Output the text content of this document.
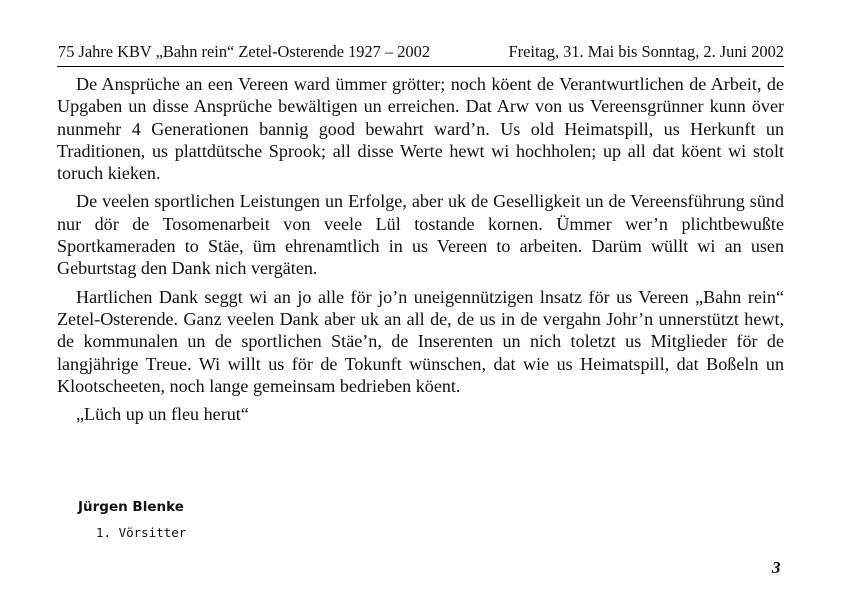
75 Jahre KBV „Bahn rein“ Zetel-Osterende 1927 – 2002	Freitag, 31. Mai bis Sonntag, 2. Juni 2002

De Ansprüche an een Vereen ward ümmer grötter; noch köent de Verantwurtlichen de Arbeit, de Upgaben un disse Ansprüche bewältigen un erreichen. Dat Arw von us Vereensgrünner kunn över nunmehr 4 Generationen bannig good bewahrt ward’n. Us old Heimatspill, us Herkunft un Traditionen, us plattdütsche Sprook; all disse Werte hewt wi hochholen; up all dat köent wi stolt toruch kieken.

De veelen sportlichen Leistungen un Erfolge, aber uk de Geselligkeit un de Vereensführung sünd nur dör de Tosomenarbeit von veele Lül tostande kornen. Ümmer wer’n plichtbewußte Sportkameraden to Stäe, üm ehrenamtlich in us Vereen to arbeiten. Darüm wüllt wi an usen Geburtstag den Dank nich vergäten.

Hartlichen Dank seggt wi an jo alle för jo’n uneigennützigen lnsatz för us Vereen „Bahn rein“ Zetel-Osterende. Ganz veelen Dank aber uk an all de, de us in de vergahn Johr’n unnerstützt hewt, de kommunalen un de sportlichen Stäe’n, de Inserenten un nich toletzt us Mitglieder för de langjährige Treue. Wi willt us för de Tokunft wünschen, dat wie us Heimatspill, dat Boßeln un Klootscheeten, noch lange gemeinsam bedrieben köent.

„Lüch up un fleu herut“

Jürgen Blenke
1. Vörsitter
3
